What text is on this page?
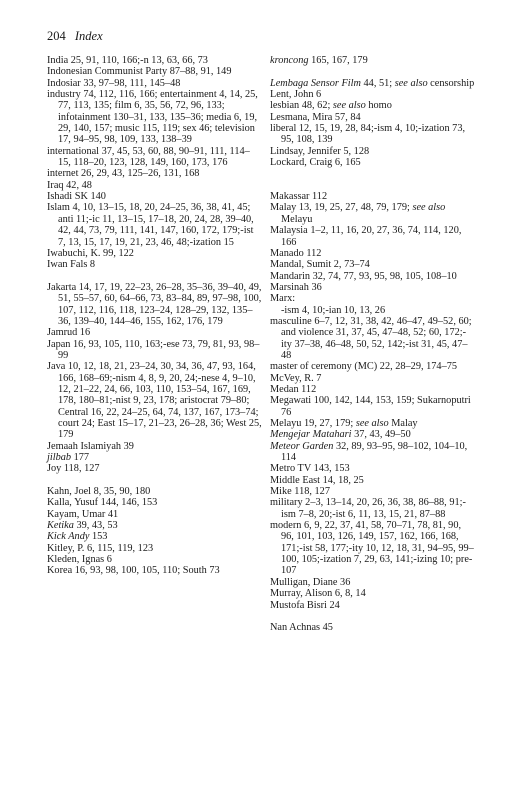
204 Index
India 25, 91, 110, 166;-n 13, 63, 66, 73
Indonesian Communist Party 87–88, 91, 149
Indosiar 33, 97–98, 111, 145–48
industry 74, 112, 116, 166; entertainment 4, 14, 25, 77, 113, 135; film 6, 35, 56, 72, 96, 133; infotainment 130–31, 133, 135–36; media 6, 19, 29, 140, 157; music 115, 119; sex 46; television 17, 94–95, 98, 109, 133, 138–39
international 37, 45, 53, 60, 88, 90–91, 111, 114–15, 118–20, 123, 128, 149, 160, 173, 176
internet 26, 29, 43, 125–26, 131, 168
Iraq 42, 48
Ishadi SK 140
Islam 4, 10, 13–15, 18, 20, 24–25, 36, 38, 41, 45; anti 11;-ic 11, 13–15, 17–18, 20, 24, 28, 39–40, 42, 44, 73, 79, 111, 141, 147, 160, 172, 179;-ist 7, 13, 15, 17, 19, 21, 23, 46, 48;-ization 15
Iwabuchi, K. 99, 122
Iwan Fals 8
Jakarta 14, 17, 19, 22–23, 26–28, 35–36, 39–40, 49, 51, 55–57, 60, 64–66, 73, 83–84, 89, 97–98, 100, 107, 112, 116, 118, 123–24, 128–29, 132, 135–36, 139–40, 144–46, 155, 162, 176, 179
Jamrud 16
Japan 16, 93, 105, 110, 163;-ese 73, 79, 81, 93, 98–99
Java 10, 12, 18, 21, 23–24, 30, 34, 36, 47, 93, 164, 166, 168–69;-nism 4, 8, 9, 20, 24;-nese 4, 9–10, 12, 21–22, 24, 66, 103, 110, 153–54, 167, 169, 178, 180–81;-nist 9, 23, 178; aristocrat 79–80; Central 16, 22, 24–25, 64, 74, 137, 167, 173–74; court 24; East 15–17, 21–23, 26–28, 36; West 25, 179
Jemaah Islamiyah 39
jilbab 177
Joy 118, 127
Kahn, Joel 8, 35, 90, 180
Kalla, Yusuf 144, 146, 153
Kayam, Umar 41
Ketika 39, 43, 53
Kick Andy 153
Kitley, P. 6, 115, 119, 123
Kleden, Ignas 6
Korea 16, 93, 98, 100, 105, 110; South 73
kroncong 165, 167, 179
Lembaga Sensor Film 44, 51; see also censorship
Lent, John 6
lesbian 48, 62; see also homo
Lesmana, Mira 57, 84
liberal 12, 15, 19, 28, 84;-ism 4, 10;-ization 73, 95, 108, 139
Lindsay, Jennifer 5, 128
Lockard, Craig 6, 165
Makassar 112
Malay 13, 19, 25, 27, 48, 79, 179; see also Melayu
Malaysia 1–2, 11, 16, 20, 27, 36, 74, 114, 120, 166
Manado 112
Mandal, Sumit 2, 73–74
Mandarin 32, 74, 77, 93, 95, 98, 105, 108–10
Marsinah 36
Marx:
-ism 4, 10;-ian 10, 13, 26
masculine 6–7, 12, 31, 38, 42, 46–47, 49–52, 60; and violence 31, 37, 45, 47–48, 52; 60, 172;-ity 37–38, 46–48, 50, 52, 142;-ist 31, 45, 47–48
master of ceremony (MC) 22, 28–29, 174–75
McVey, R. 7
Medan 112
Megawati 100, 142, 144, 153, 159; Sukarnoputri 76
Melayu 19, 27, 179; see also Malay
Mengejar Matahari 37, 43, 49–50
Meteor Garden 32, 89, 93–95, 98–102, 104–10, 114
Metro TV 143, 153
Middle East 14, 18, 25
Mike 118, 127
military 2–3, 13–14, 20, 26, 36, 38, 86–88, 91;-ism 7–8, 20;-ist 6, 11, 13, 15, 21, 87–88
modern 6, 9, 22, 37, 41, 58, 70–71, 78, 81, 90, 96, 101, 103, 126, 149, 157, 162, 166, 168, 171;-ist 58, 177;-ity 10, 12, 18, 31, 94–95, 99–100, 105;-ization 7, 29, 63, 141;-izing 10; pre-107
Mulligan, Diane 36
Murray, Alison 6, 8, 14
Mustofa Bisri 24
Nan Achnas 45
